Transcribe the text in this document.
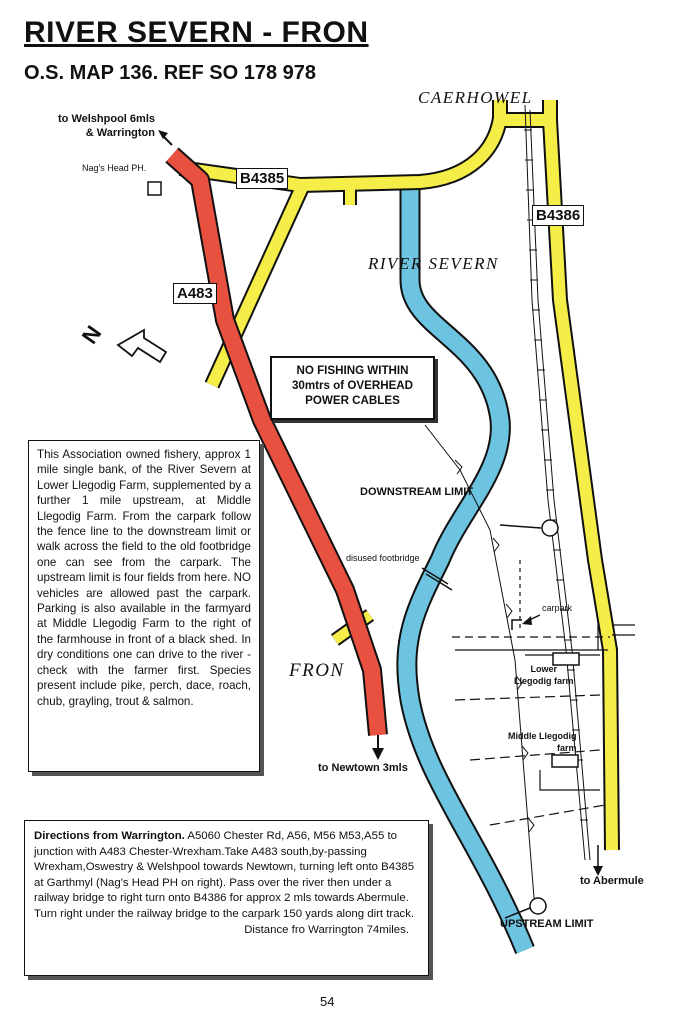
RIVER SEVERN - FRON
O.S. MAP 136. REF SO 178 978
N
CAERHOWEL
RIVER SEVERN
FRON
to Welshpool 6mls
& Warrington
to Newtown 3mls
to Abermule
Nag's Head PH.
B4385
A483
B4386
NO FISHING WITHIN
30mtrs of OVERHEAD
POWER CABLES
DOWNSTREAM LIMIT
UPSTREAM LIMIT
disused footbridge
carpark
Lower
Llegodig farm
Middle Llegodig
farm
This Association owned fishery, approx 1 mile single bank, of the River Severn at Lower Llegodig Farm, supplemented by a further 1 mile upstream, at Middle Llegodig Farm. From the carpark follow the fence line to the downstream limit or walk across the field to the old footbridge one can see from the carpark. The upstream limit is four fields from here. NO vehicles are allowed past the carpark. Parking is also available in the farmyard at Middle Llegodig Farm to the right of the farmhouse in front of a black shed. In dry conditions one can drive to the river - check with the farmer first. Species present include pike, perch, dace, roach, chub, grayling, trout & salmon.
Directions from Warrington. A5060 Chester Rd, A56, M56 M53,A55 to junction with A483 Chester-Wrexham.Take A483 south,by-passing Wrexham,Oswestry & Welshpool towards Newtown, turning left onto B4385 at Garthmyl (Nag's Head PH on right). Pass over the river then under a railway bridge to right turn onto B4386 for approx 2 mls towards Abermule. Turn right under the railway bridge to the carpark 150 yards along dirt track.
Distance fro Warrington 74miles.
54
